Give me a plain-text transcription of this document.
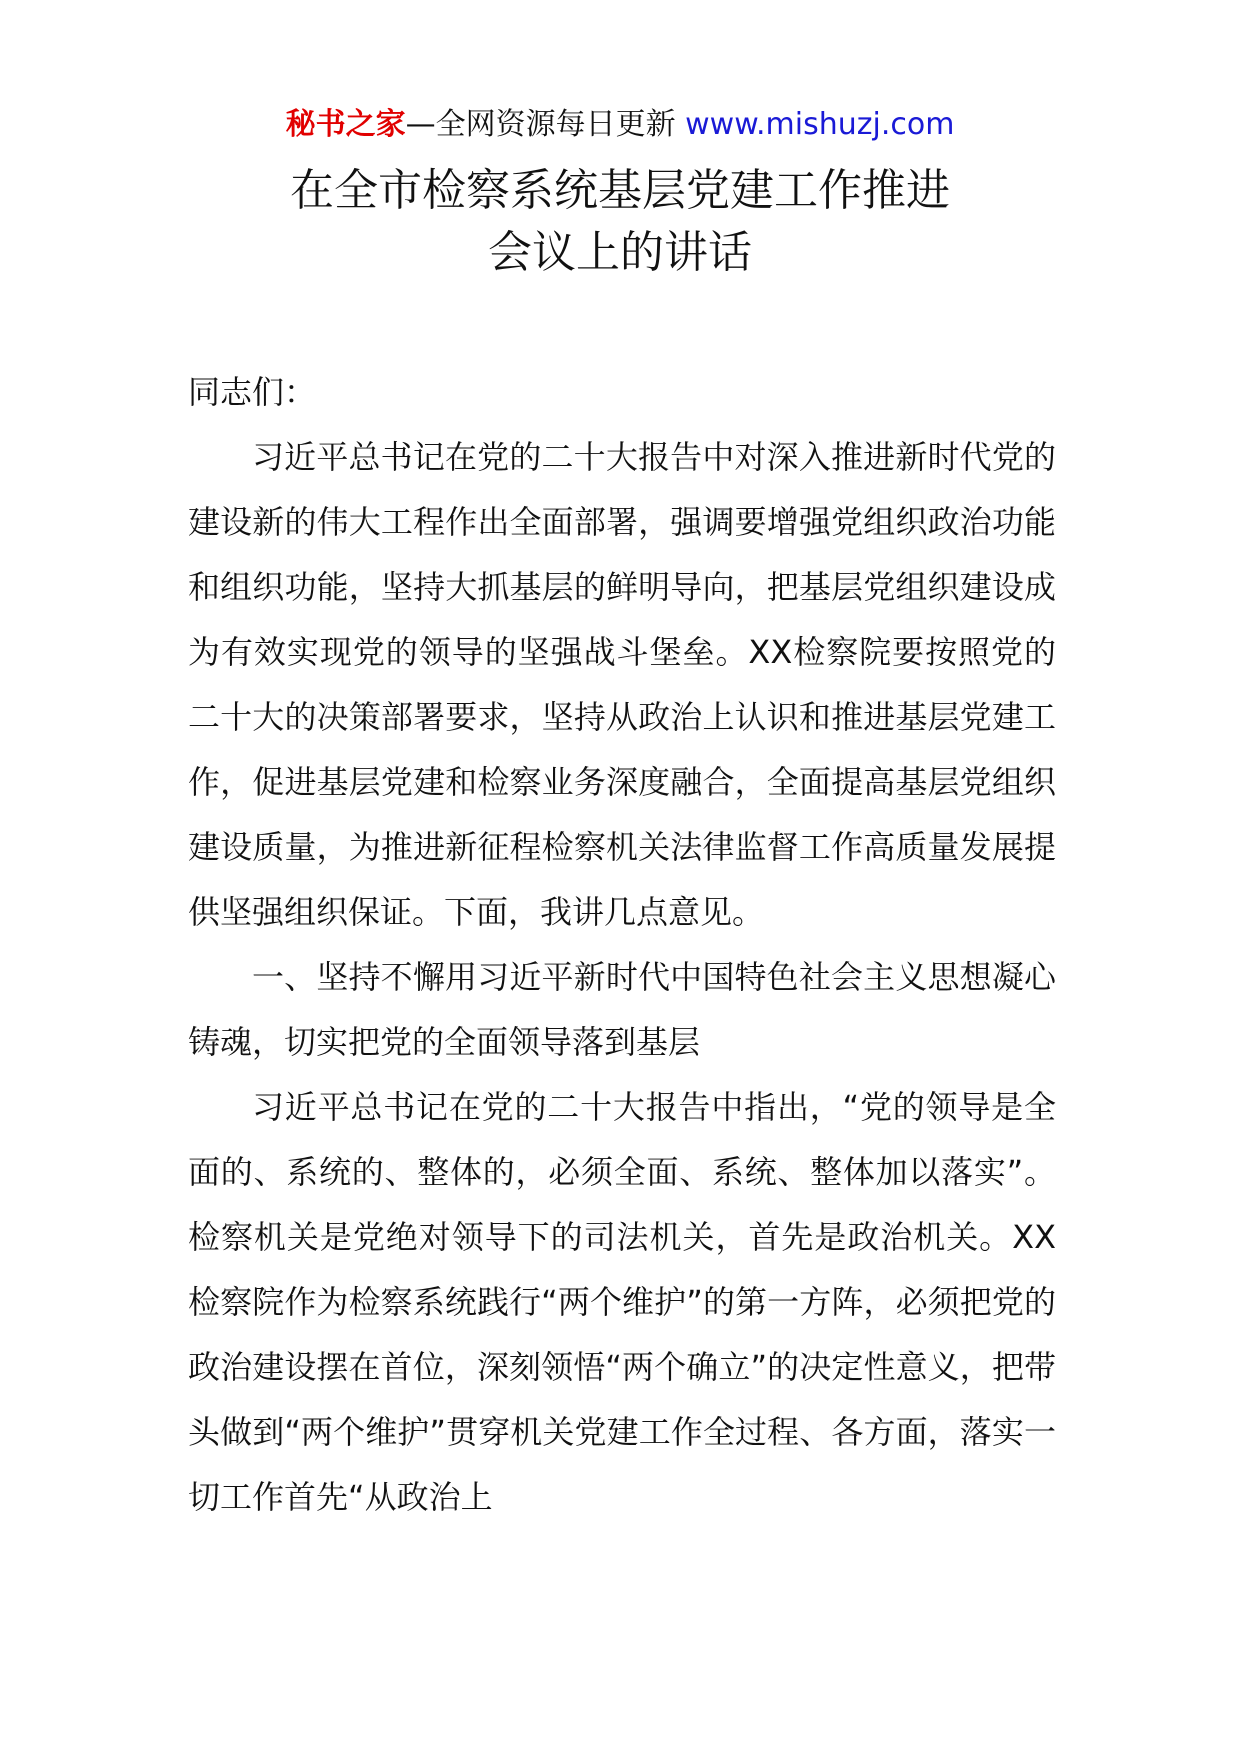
秘书之家—全网资源每日更新 www.mishuzj.com
在全市检察系统基层党建工作推进
会议上的讲话

同志们：

习近平总书记在党的二十大报告中对深入推进新时代党的建设新的伟大工程作出全面部署，强调要增强党组织政治功能和组织功能，坚持大抓基层的鲜明导向，把基层党组织建设成为有效实现党的领导的坚强战斗堡垒。XX检察院要按照党的二十大的决策部署要求，坚持从政治上认识和推进基层党建工作，促进基层党建和检察业务深度融合，全面提高基层党组织建设质量，为推进新征程检察机关法律监督工作高质量发展提供坚强组织保证。下面，我讲几点意见。

一、坚持不懈用习近平新时代中国特色社会主义思想凝心铸魂，切实把党的全面领导落到基层

习近平总书记在党的二十大报告中指出，“党的领导是全面的、系统的、整体的，必须全面、系统、整体加以落实”。检察机关是党绝对领导下的司法机关，首先是政治机关。XX检察院作为检察系统践行“两个维护”的第一方阵，必须把党的政治建设摆在首位，深刻领悟“两个确立”的决定性意义，把带头做到“两个维护”贯穿机关党建工作全过程、各方面，落实一切工作首先“从政治上
